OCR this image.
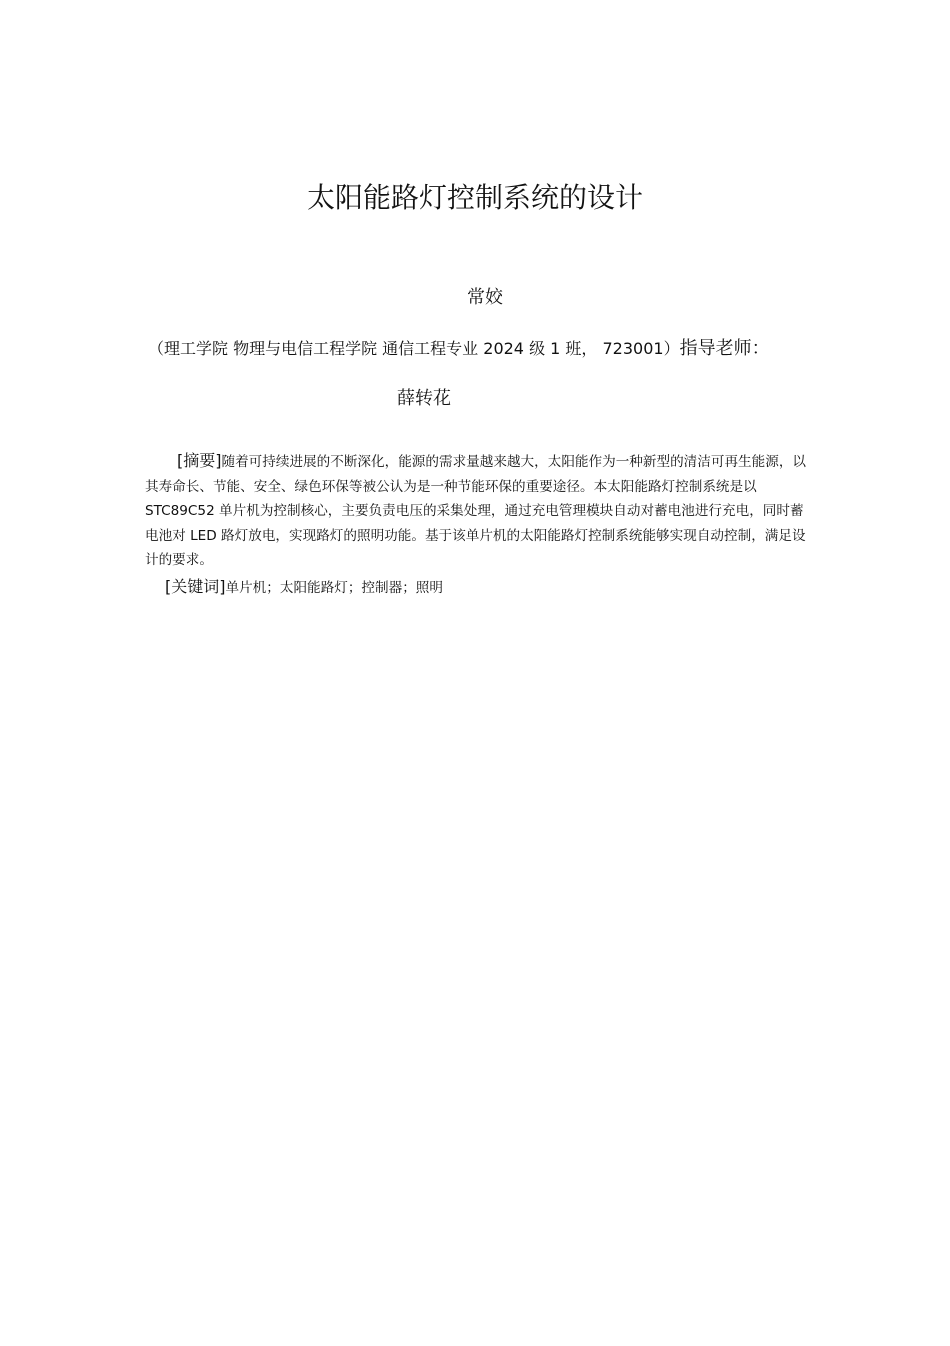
太阳能路灯控制系统的设计
常姣
（理工学院 物理与电信工程学院 通信工程专业 2024 级 1 班， 723001）指导老师：
薛转花

[摘要]随着可持续进展的不断深化，能源的需求量越来越大，太阳能作为一种新型的清洁可再生能源，以其寿命长、节能、安全、绿色环保等被公认为是一种节能环保的重要途径。本太阳能路灯控制系统是以 STC89C52 单片机为控制核心，主要负责电压的采集处理，通过充电管理模块自动对蓄电池进行充电，同时蓄电池对 LED 路灯放电，实现路灯的照明功能。基于该单片机的太阳能路灯控制系统能够实现自动控制，满足设计的要求。

[关键词]单片机；太阳能路灯；控制器；照明
